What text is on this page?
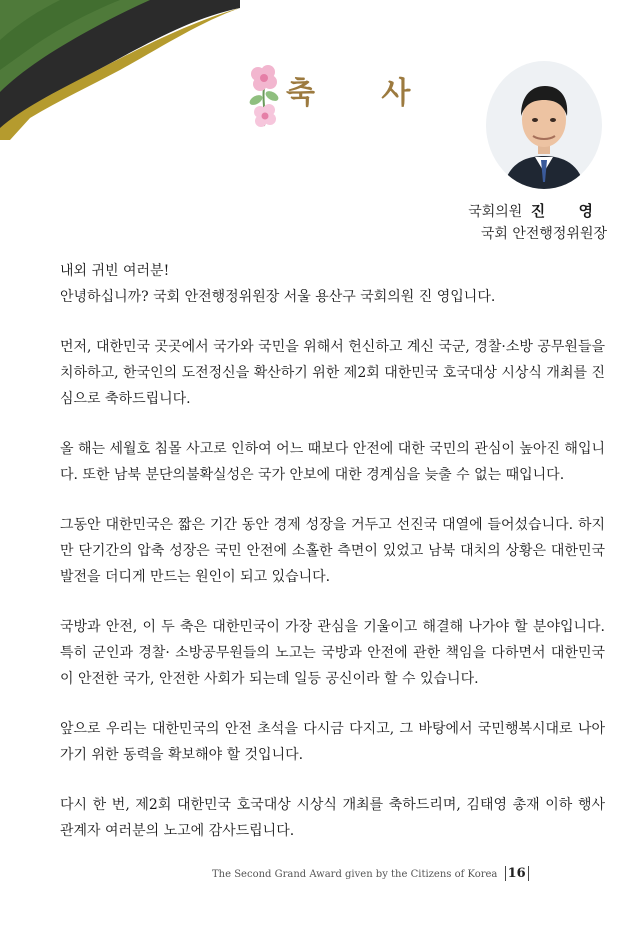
축 사
국회의원 진 영
국회 안전행정위원장

내외 귀빈 여러분!
안녕하십니까? 국회 안전행정위원장 서울 용산구 국회의원 진 영입니다.

먼저, 대한민국 곳곳에서 국가와 국민을 위해서 헌신하고 계신 국군, 경찰·소방 공무원들을 치하하고, 한국인의 도전정신을 확산하기 위한 제2회 대한민국 호국대상 시상식 개최를 진심으로 축하드립니다.

올 해는 세월호 침몰 사고로 인하여 어느 때보다 안전에 대한 국민의 관심이 높아진 해입니다. 또한 남북 분단의불확실성은 국가 안보에 대한 경계심을 늦출 수 없는 때입니다.

그동안 대한민국은 짧은 기간 동안 경제 성장을 거두고 선진국 대열에 들어섰습니다. 하지만 단기간의 압축 성장은 국민 안전에 소홀한 측면이 있었고 남북 대치의 상황은 대한민국 발전을 더디게 만드는 원인이 되고 있습니다.

국방과 안전, 이 두 축은 대한민국이 가장 관심을 기울이고 해결해 나가야 할 분야입니다. 특히 군인과 경찰· 소방공무원들의 노고는 국방과 안전에 관한 책임을 다하면서 대한민국이 안전한 국가, 안전한 사회가 되는데 일등 공신이라 할 수 있습니다.

앞으로 우리는 대한민국의 안전 초석을 다시금 다지고, 그 바탕에서 국민행복시대로 나아가기 위한 동력을 확보해야 할 것입니다.

다시 한 번, 제2회 대한민국 호국대상 시상식 개최를 축하드리며, 김태영 총재 이하 행사 관계자 여러분의 노고에 감사드립니다.

The Second Grand Award given by the Citizens of Korea 16
